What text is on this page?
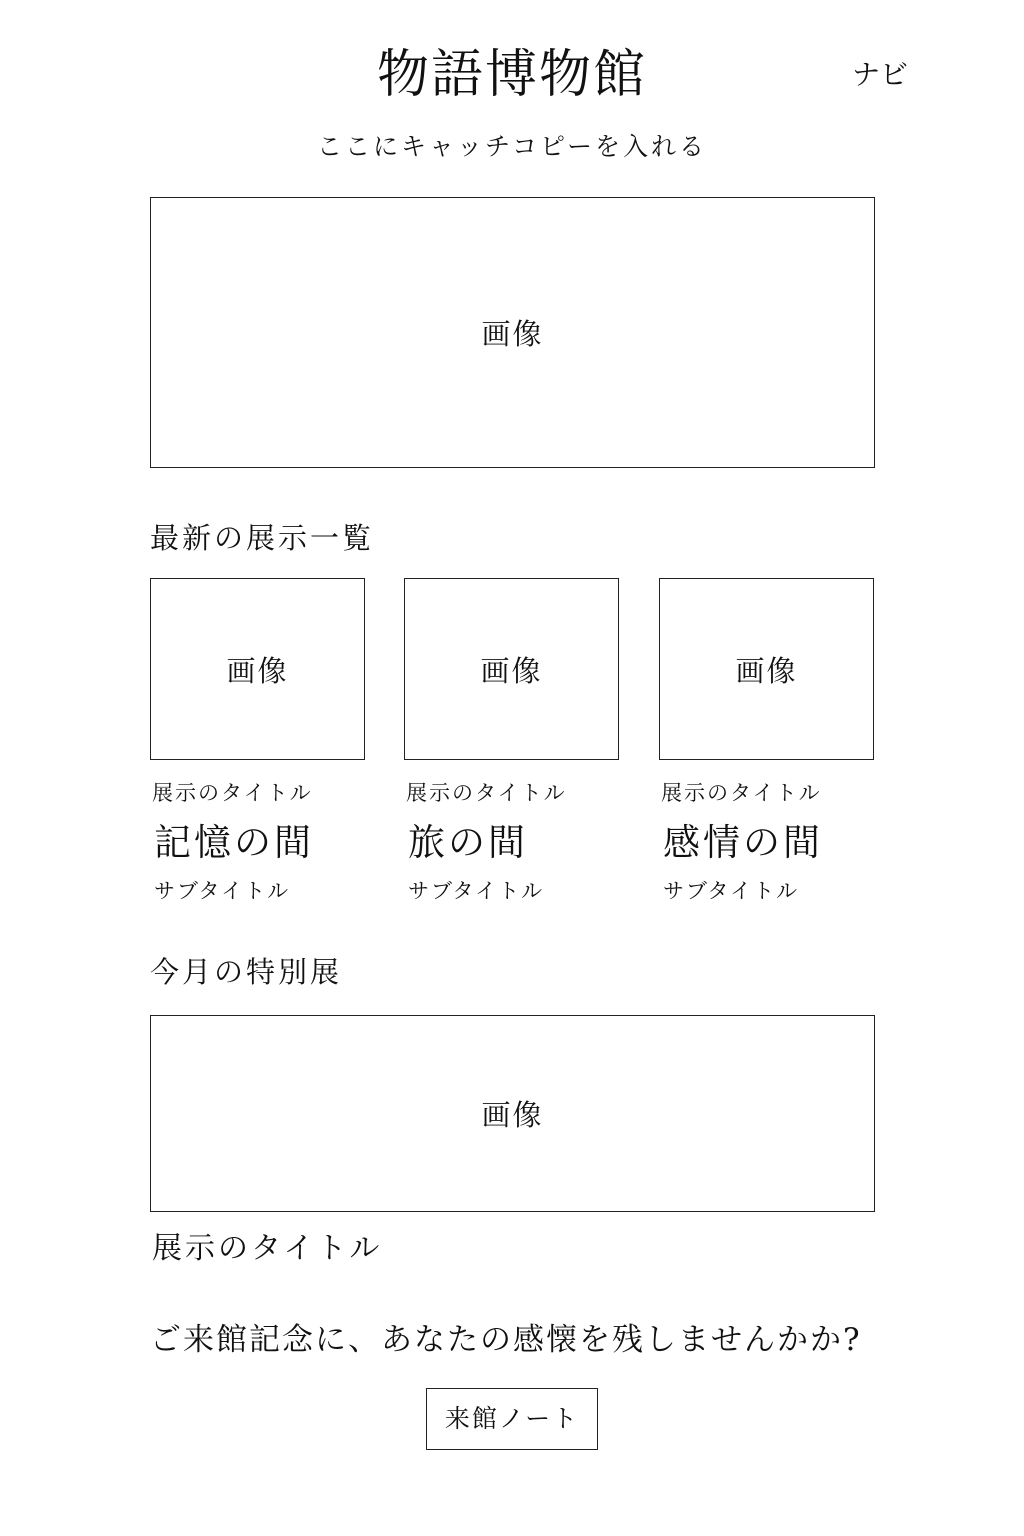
物語博物館	ナビ
ここにキャッチコピーを入れる
画像
最新の展示一覧
画像
展示のタイトル
記憶の間
サブタイトル
画像
展示のタイトル
旅の間
サブタイトル
画像
展示のタイトル
感情の間
サブタイトル
今月の特別展
画像
展示のタイトル
ご来館記念に、あなたの感懐を残しませんかか?
来館ノート
